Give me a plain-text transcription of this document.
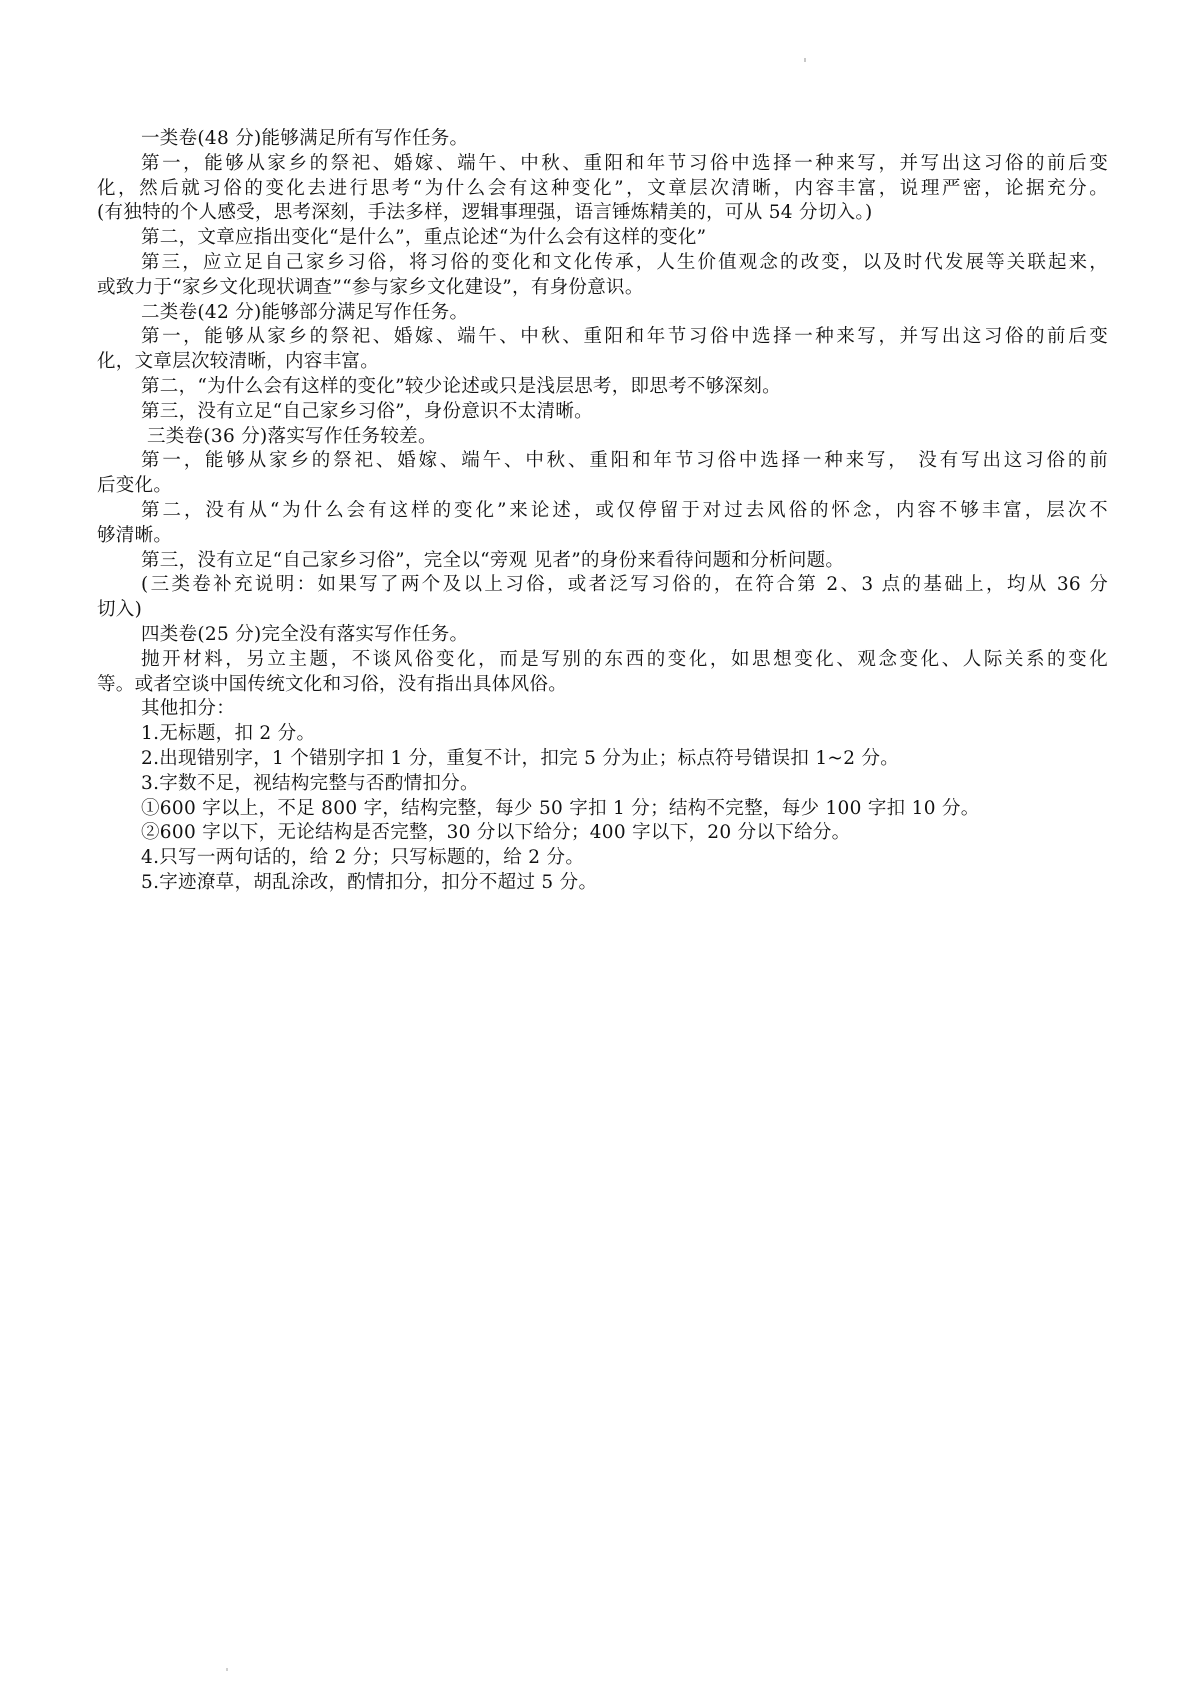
一类卷(48 分)能够满足所有写作任务。

第一，能够从家乡的祭祀、婚嫁、端午、中秋、重阳和年节习俗中选择一种来写，并写出这习俗的前后变

化，然后就习俗的变化去进行思考“为什么会有这种变化”，文章层次清晰，内容丰富，说理严密，论据充分。

(有独特的个人感受，思考深刻，手法多样，逻辑事理强，语言锤炼精美的，可从 54 分切入。)

第二，文章应指出变化“是什么”，重点论述“为什么会有这样的变化”

第三，应立足自己家乡习俗，将习俗的变化和文化传承，人生价值观念的改变，以及时代发展等关联起来，

或致力于“家乡文化现状调查”“参与家乡文化建设”，有身份意识。

二类卷(42 分)能够部分满足写作任务。

第一，能够从家乡的祭祀、婚嫁、端午、中秋、重阳和年节习俗中选择一种来写，并写出这习俗的前后变

化，文章层次较清晰，内容丰富。

第二，“为什么会有这样的变化”较少论述或只是浅层思考，即思考不够深刻。

第三，没有立足“自己家乡习俗”，身份意识不太清晰。

三类卷(36 分)落实写作任务较差。

第一，能够从家乡的祭祀、婚嫁、端午、中秋、重阳和年节习俗中选择一种来写， 没有写出这习俗的前

后变化。

第二，没有从“为什么会有这样的变化”来论述，或仅停留于对过去风俗的怀念，内容不够丰富，层次不

够清晰。

第三，没有立足“自己家乡习俗”，完全以“旁观 见者”的身份来看待问题和分析问题。

(三类卷补充说明：如果写了两个及以上习俗，或者泛写习俗的，在符合第 2、3 点的基础上，均从 36 分

切入)

四类卷(25 分)完全没有落实写作任务。

抛开材料，另立主题，不谈风俗变化，而是写别的东西的变化，如思想变化、观念变化、人际关系的变化

等。或者空谈中国传统文化和习俗，没有指出具体风俗。

其他扣分：

1.无标题，扣 2 分。

2.出现错别字，1 个错别字扣 1 分，重复不计，扣完 5 分为止；标点符号错误扣 1~2 分。

3.字数不足，视结构完整与否酌情扣分。

①600 字以上，不足 800 字，结构完整，每少 50 字扣 1 分；结构不完整，每少 100 字扣 10 分。

②600 字以下，无论结构是否完整，30 分以下给分；400 字以下，20 分以下给分。

4.只写一两句话的，给 2 分；只写标题的，给 2 分。

5.字迹潦草，胡乱涂改，酌情扣分，扣分不超过 5 分。
